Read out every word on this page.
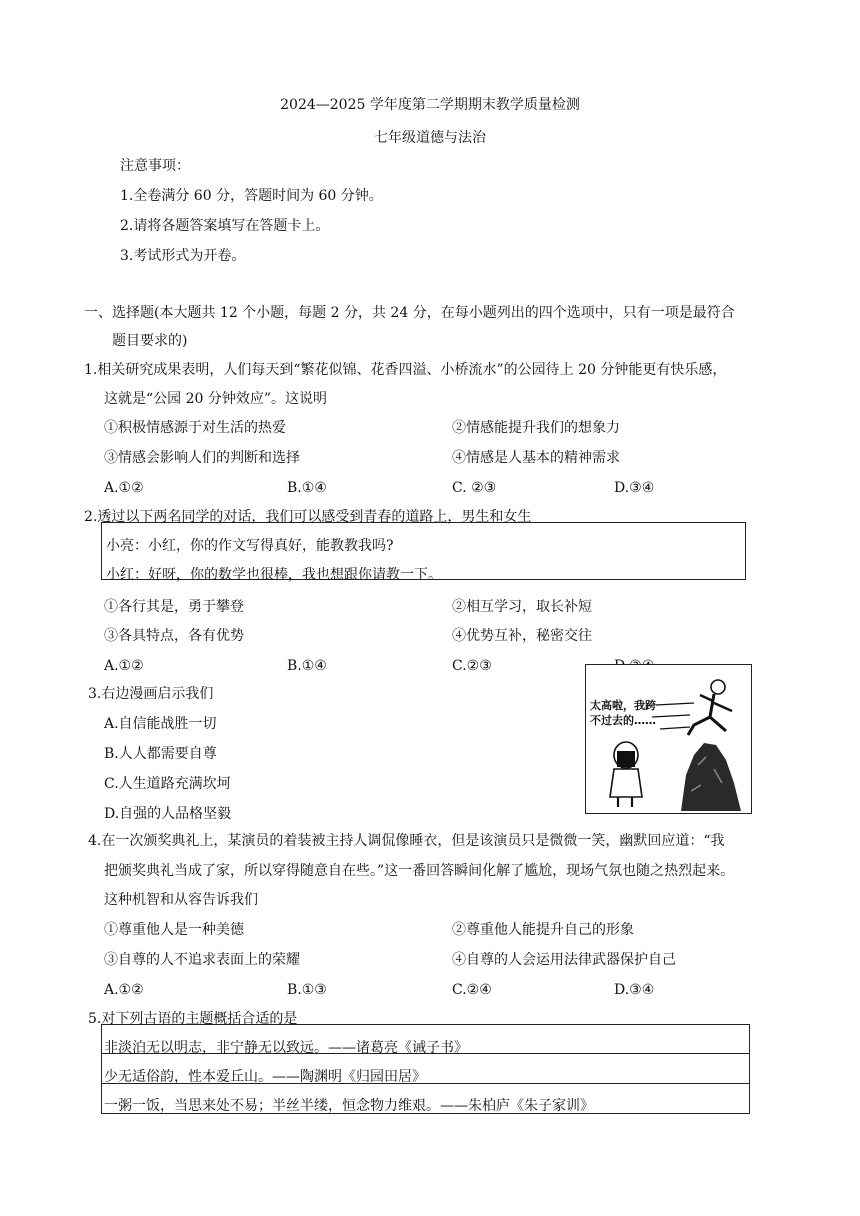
2024—2025 学年度第二学期期末教学质量检测
七年级道德与法治
注意事项：
1.全卷满分 60 分，答题时间为 60 分钟。
2.请将各题答案填写在答题卡上。
3.考试形式为开卷。
一、选择题(本大题共 12 个小题，每题 2 分，共 24 分，在每小题列出的四个选项中，只有一项是最符合
题目要求的)
1.相关研究成果表明，人们每天到“繁花似锦、花香四溢、小桥流水”的公园待上 20 分钟能更有快乐感，
这就是“公园 20 分钟效应”。这说明
①积极情感源于对生活的热爱	②情感能提升我们的想象力
③情感会影响人们的判断和选择	④情感是人基本的精神需求
A.①②	B.①④	C. ②③	D.③④
2.透过以下两名同学的对话，我们可以感受到青春的道路上，男生和女生
小亮：小红，你的作文写得真好，能教教我吗?
小红：好呀，你的数学也很棒，我也想跟你请教一下。
①各行其是，勇于攀登	②相互学习，取长补短
③各具特点，各有优势	④优势互补，秘密交往
A.①②	B.①④	C.②③
3.右边漫画启示我们
A.自信能战胜一切
B.人人都需要自尊
C.人生道路充满坎坷
D.自强的人品格坚毅
太高啦，我跨
不过去的……
4.在一次颁奖典礼上，某演员的着装被主持人调侃像睡衣，但是该演员只是微微一笑，幽默回应道：“我
把颁奖典礼当成了家，所以穿得随意自在些。”这一番回答瞬间化解了尴尬，现场气氛也随之热烈起来。
这种机智和从容告诉我们
①尊重他人是一种美德	②尊重他人能提升自己的形象
③自尊的人不追求表面上的荣耀	④自尊的人会运用法律武器保护自己
A.①②	B.①③	C.②④	D.③④
5.对下列古语的主题概括合适的是
非淡泊无以明志，非宁静无以致远。——诸葛亮《诫子书》
少无适俗韵，性本爱丘山。——陶渊明《归园田居》
一粥一饭，当思来处不易；半丝半缕，恒念物力维艰。——朱柏庐《朱子家训》
